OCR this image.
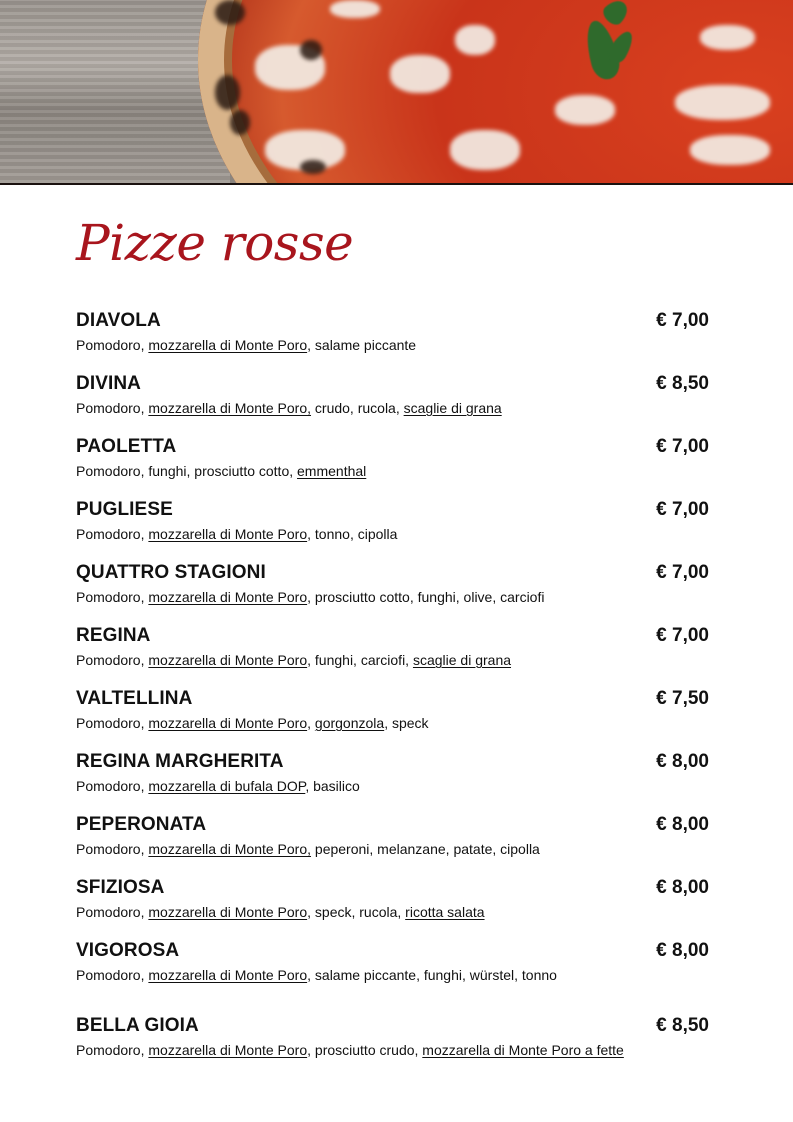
Pizze rosse
DIAVOLA	€ 7,00
Pomodoro, mozzarella di Monte Poro, salame piccante
DIVINA	€ 8,50
Pomodoro, mozzarella di Monte Poro, crudo, rucola, scaglie di grana
PAOLETTA	€ 7,00
Pomodoro, funghi, prosciutto cotto, emmenthal
PUGLIESE	€ 7,00
Pomodoro, mozzarella di Monte Poro, tonno, cipolla
QUATTRO STAGIONI	€ 7,00
Pomodoro, mozzarella di Monte Poro, prosciutto cotto, funghi, olive, carciofi
REGINA	€ 7,00
Pomodoro, mozzarella di Monte Poro, funghi, carciofi, scaglie di grana
VALTELLINA	€ 7,50
Pomodoro, mozzarella di Monte Poro, gorgonzola, speck
REGINA MARGHERITA	€ 8,00
Pomodoro, mozzarella di bufala DOP, basilico
PEPERONATA	€ 8,00
Pomodoro, mozzarella di Monte Poro, peperoni, melanzane, patate, cipolla
SFIZIOSA	€ 8,00
Pomodoro, mozzarella di Monte Poro, speck, rucola, ricotta salata
VIGOROSA	€ 8,00
Pomodoro, mozzarella di Monte Poro, salame piccante, funghi, würstel, tonno
BELLA GIOIA	€ 8,50
Pomodoro, mozzarella di Monte Poro, prosciutto crudo, mozzarella di Monte Poro a fette
